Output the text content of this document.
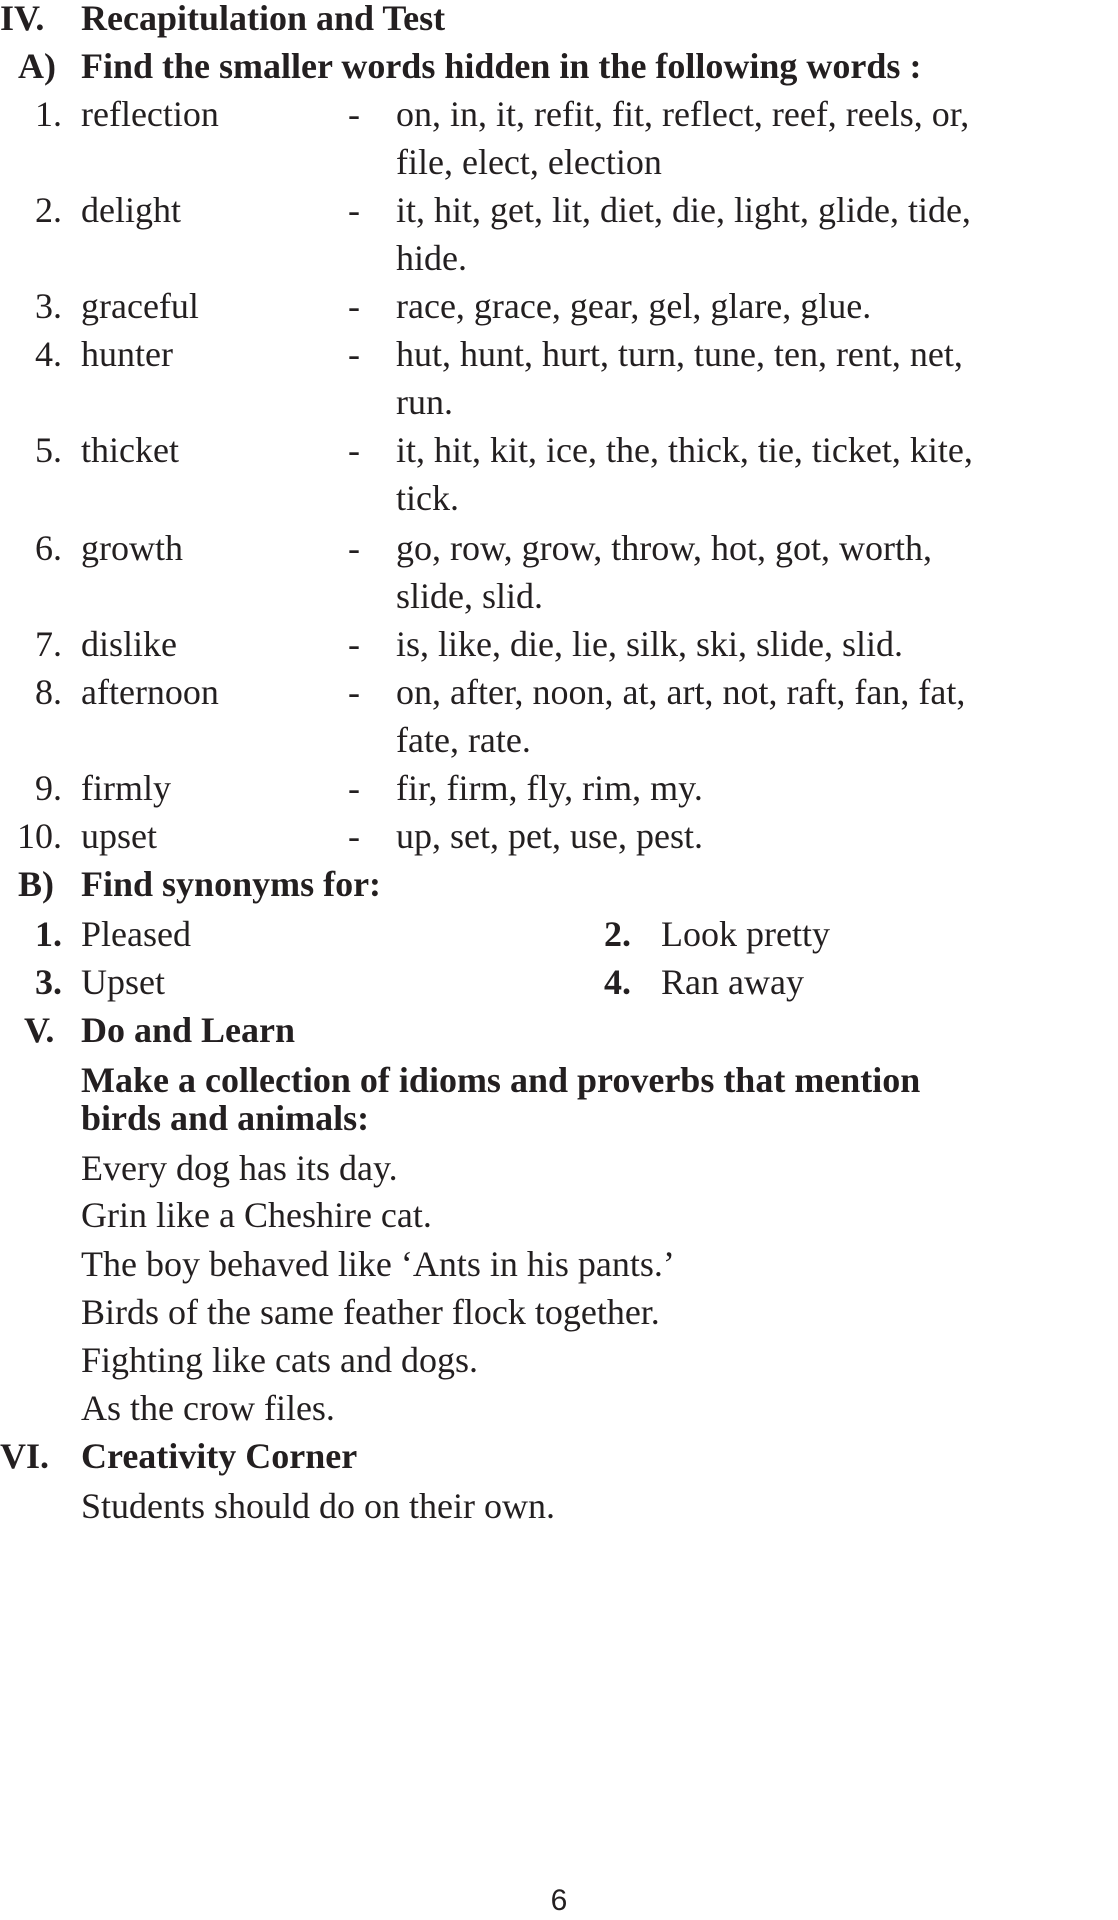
IV. Recapitulation and Test
A) Find the smaller words hidden in the following words :
1. reflection	- on, in, it, refit, fit, reflect, reef, reels, or,
file, elect, election
2. delight	- it, hit, get, lit, diet, die, light, glide, tide,
hide.
3. graceful	- race, grace, gear, gel, glare, glue.
4. hunter	- hut, hunt, hurt, turn, tune, ten, rent, net,
run.
5. thicket	- it, hit, kit, ice, the, thick, tie, ticket, kite,
tick.
6. growth	- go, row, grow, throw, hot, got, worth,
slide, slid.
7. dislike	- is, like, die, lie, silk, ski, slide, slid.
8. afternoon	- on, after, noon, at, art, not, raft, fan, fat,
fate, rate.
9. firmly	- fir, firm, fly, rim, my.
10. upset	- up, set, pet, use, pest.
B) Find synonyms for:
1. Pleased	2. Look pretty
3. Upset	4. Ran away
V. Do and Learn
Make a collection of idioms and proverbs that mention
birds and animals:
Every dog has its day.
Grin like a Cheshire cat.
The boy behaved like ‘Ants in his pants.’
Birds of the same feather flock together.
Fighting like cats and dogs.
As the crow files.
VI. Creativity Corner
Students should do on their own.
6
